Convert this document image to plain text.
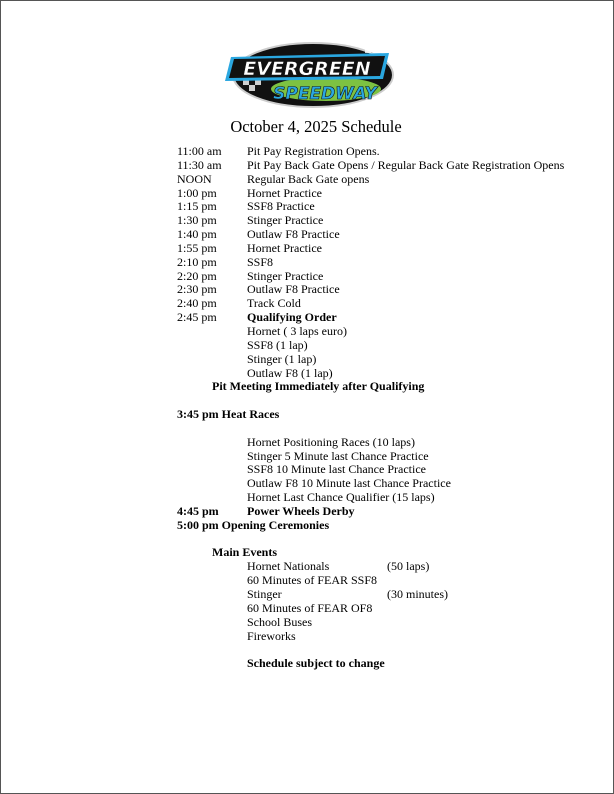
EVERGREEN
SPEEDWAY
October 4, 2025 Schedule
11:00 am Pit Pay Registration Opens.
11:30 am Pit Pay Back Gate Opens / Regular Back Gate Registration Opens
NOON	Regular Back Gate opens
1:00 pm	Hornet Practice
1:15 pm	SSF8 Practice
1:30 pm	Stinger Practice
1:40 pm	Outlaw F8 Practice
1:55 pm	Hornet Practice
2:10 pm	SSF8
2:20 pm	Stinger Practice
2:30 pm	Outlaw F8 Practice
2:40 pm	Track Cold
2:45 pm	Qualifying Order
Hornet ( 3 laps euro)
SSF8 (1 lap)
Stinger (1 lap)
Outlaw F8 (1 lap)
Pit Meeting Immediately after Qualifying
3:45 pm Heat Races
Hornet Positioning Races (10 laps)
Stinger 5 Minute last Chance Practice
SSF8 10 Minute last Chance Practice
Outlaw F8 10 Minute last Chance Practice
Hornet Last Chance Qualifier (15 laps)
4:45 pm Power Wheels Derby
5:00 pm Opening Ceremonies
Main Events
Hornet Nationals	(50 laps)
60 Minutes of FEAR SSF8
Stinger	(30 minutes)
60 Minutes of FEAR OF8
School Buses
Fireworks
Schedule subject to change
